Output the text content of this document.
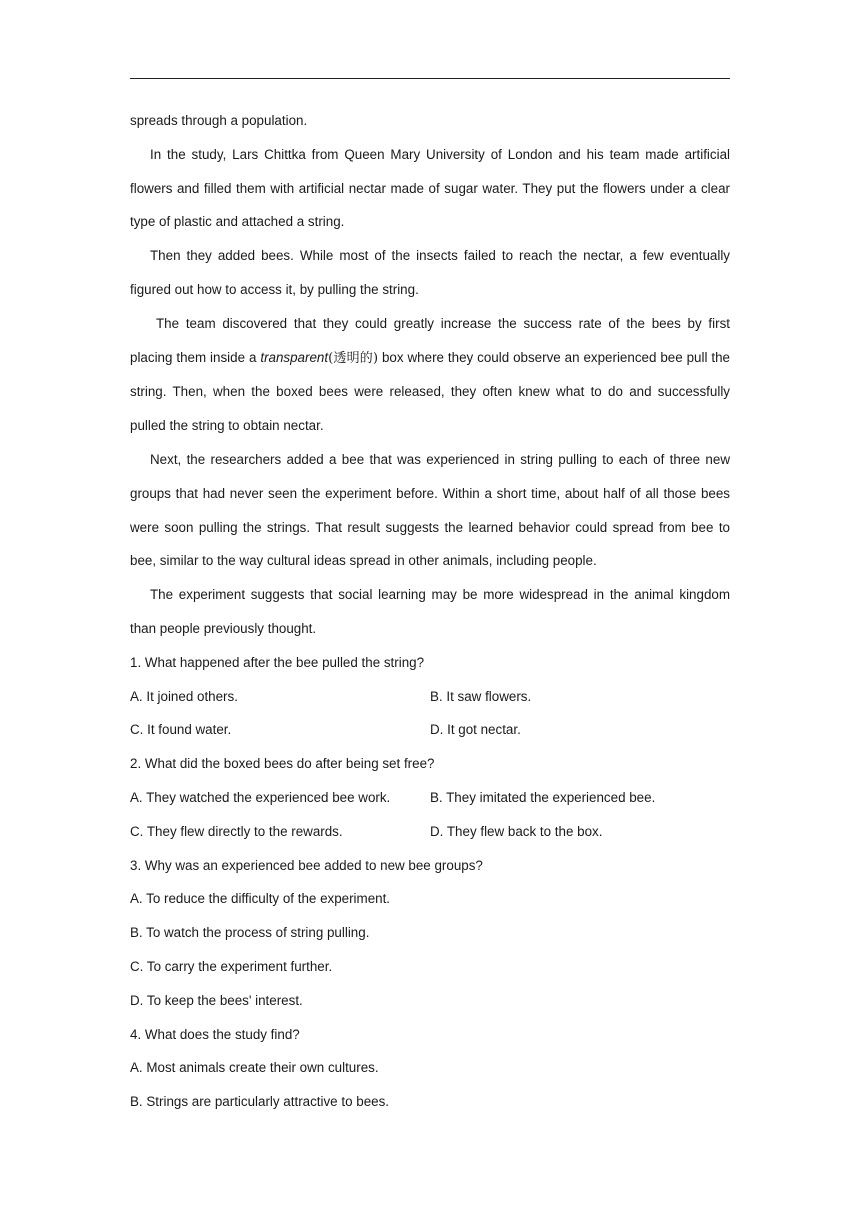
spreads through a population.

In the study, Lars Chittka from Queen Mary University of London and his team made artificial flowers and filled them with artificial nectar made of sugar water. They put the flowers under a clear type of plastic and attached a string.

Then they added bees. While most of the insects failed to reach the nectar, a few eventually figured out how to access it, by pulling the string.

The team discovered that they could greatly increase the success rate of the bees by first placing them inside a transparent(透明的) box where they could observe an experienced bee pull the string. Then, when the boxed bees were released, they often knew what to do and successfully pulled the string to obtain nectar.

Next, the researchers added a bee that was experienced in string pulling to each of three new groups that had never seen the experiment before. Within a short time, about half of all those bees were soon pulling the strings. That result suggests the learned behavior could spread from bee to bee, similar to the way cultural ideas spread in other animals, including people.

The experiment suggests that social learning may be more widespread in the animal kingdom than people previously thought.

1. What happened after the bee pulled the string?

A. It joined others.	B. It saw flowers.
C. It found water.	D. It got nectar.

2. What did the boxed bees do after being set free?

A. They watched the experienced bee work.	B. They imitated the experienced bee.
C. They flew directly to the rewards.	D. They flew back to the box.

3. Why was an experienced bee added to new bee groups?

A. To reduce the difficulty of the experiment.

B. To watch the process of string pulling.

C. To carry the experiment further.

D. To keep the bees' interest.

4. What does the study find?

A. Most animals create their own cultures.

B. Strings are particularly attractive to bees.
